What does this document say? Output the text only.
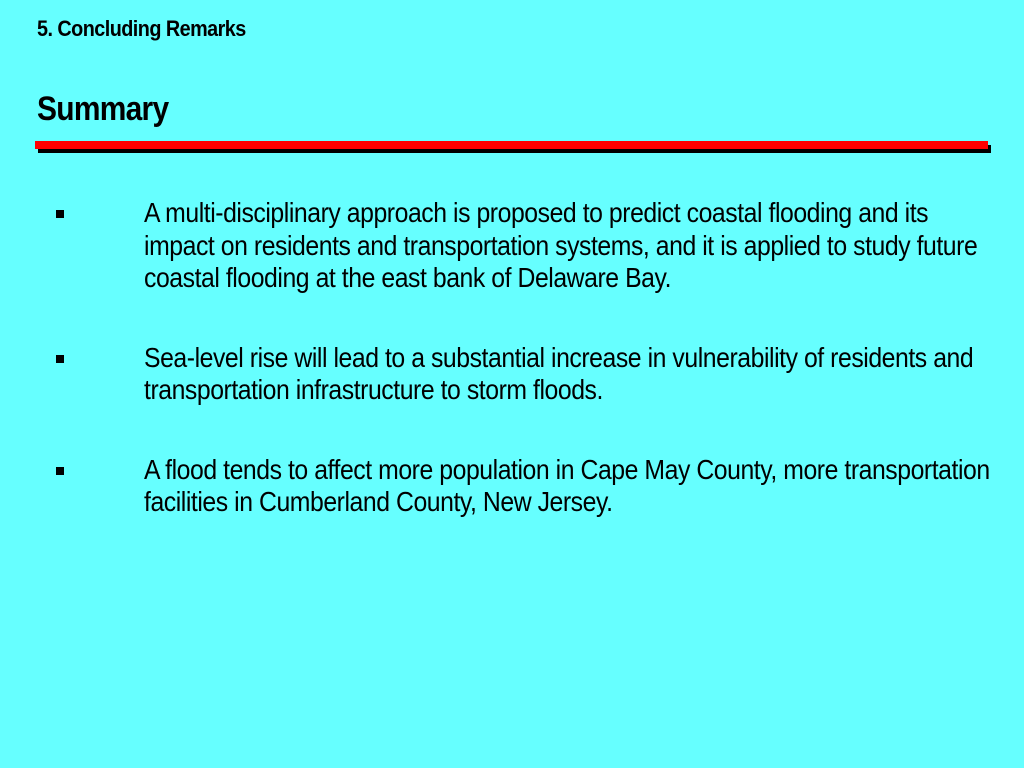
5. Concluding Remarks
Summary
A multi-disciplinary approach is proposed to predict coastal flooding and its impact on residents and transportation systems, and it is applied to study future coastal flooding at the east bank of Delaware Bay.
Sea-level rise will lead to a substantial increase in vulnerability of residents and transportation infrastructure to storm floods.
A flood tends to affect more population in Cape May County, more transportation facilities in Cumberland County, New Jersey.
